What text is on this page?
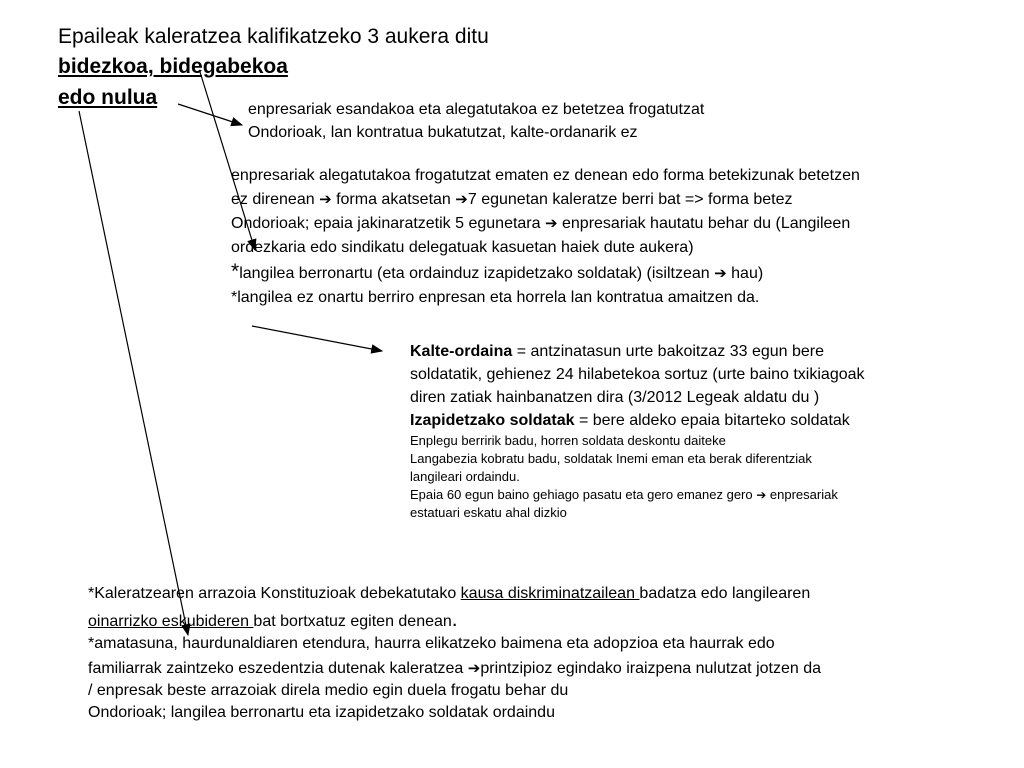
Epaileak kaleratzea kalifikatzeko 3 aukera ditu
bidezkoa, bidegabekoa
edo nulua
enpresariak esandakoa eta alegatutakoa ez betetzea frogatutzat
Ondorioak, lan kontratua bukatutzat, kalte-ordanarik ez
enpresariak alegatutakoa frogatutzat ematen ez denean edo forma betekizunak betetzen
ez direnean ➔ forma akatsetan ➔7 egunetan kaleratze berri bat => forma betez
Ondorioak; epaia jakinaratzetik 5 egunetara ➔ enpresariak hautatu behar du (Langileen
ordezkaria edo sindikatu delegatuak kasuetan haiek dute aukera)
*langilea berronartu (eta ordainduz izapidetzako soldatak) (isiltzean ➔ hau)
*langilea ez onartu berriro enpresan eta horrela lan kontratua amaitzen da.
Kalte-ordaina = antzinatasun urte bakoitzaz 33 egun bere
soldatatik, gehienez 24 hilabetekoa sortuz (urte baino txikiagoak
diren zatiak hainbanatzen dira (3/2012 Legeak aldatu du )
Izapidetzako soldatak = bere aldeko epaia bitarteko soldatak
Enplegu berririk badu, horren soldata deskontu daiteke
Langabezia kobratu badu, soldatak Inemi eman eta berak diferentziak
langileari ordaindu.
Epaia 60 egun baino gehiago pasatu eta gero emanez gero ➔ enpresariak
estatuari eskatu ahal dizkio
*Kaleratzearen arrazoia Konstituzioak debekatutako kausa diskriminatzailean badatza edo langilearen
oinarrizko eskubideren bat bortxatuz egiten denean.
*amatasuna, haurdunaldiaren etendura, haurra elikatzeko baimena eta adopzioa eta haurrak edo
familiarrak zaintzeko eszedentzia dutenak kaleratzea ➔printzipioz egindako iraizpena nulutzat jotzen da
/ enpresak beste arrazoiak direla medio egin duela frogatu behar du
Ondorioak; langilea berronartu eta izapidetzako soldatak ordaindu
